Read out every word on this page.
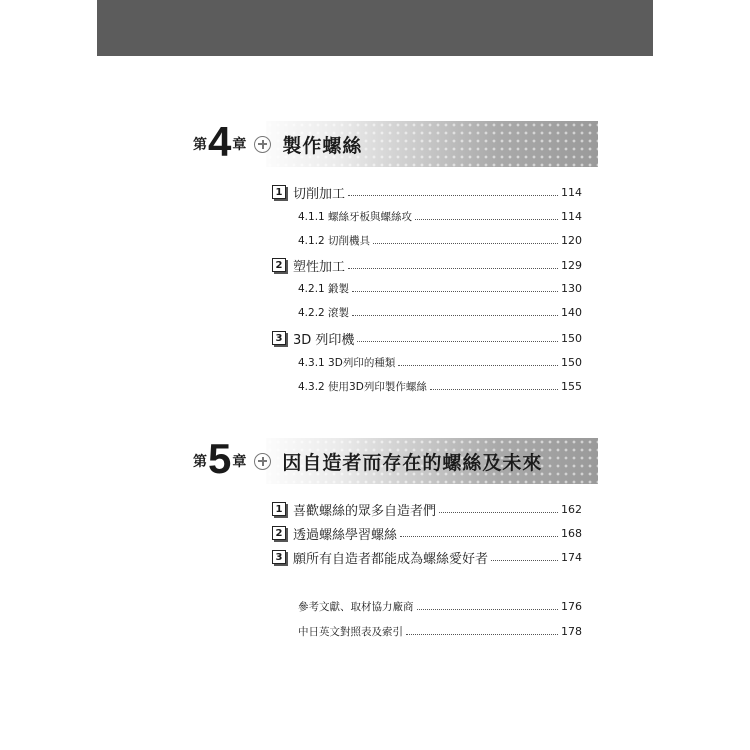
第 4 章 製作螺絲
1 切削加工	114
4.1.1 螺絲牙板與螺絲攻	114
4.1.2 切削機具	120
2 塑性加工	129
4.2.1 鍛製	130
4.2.2 滾製	140
3 3D 列印機	150
4.3.1 3D列印的種類	150
4.3.2 使用3D列印製作螺絲	155
第 5 章 因自造者而存在的螺絲及未來
1 喜歡螺絲的眾多自造者們	162
2 透過螺絲學習螺絲	168
3 願所有自造者都能成為螺絲愛好者	174
參考文獻、取材協力廠商	176
中日英文對照表及索引	178
